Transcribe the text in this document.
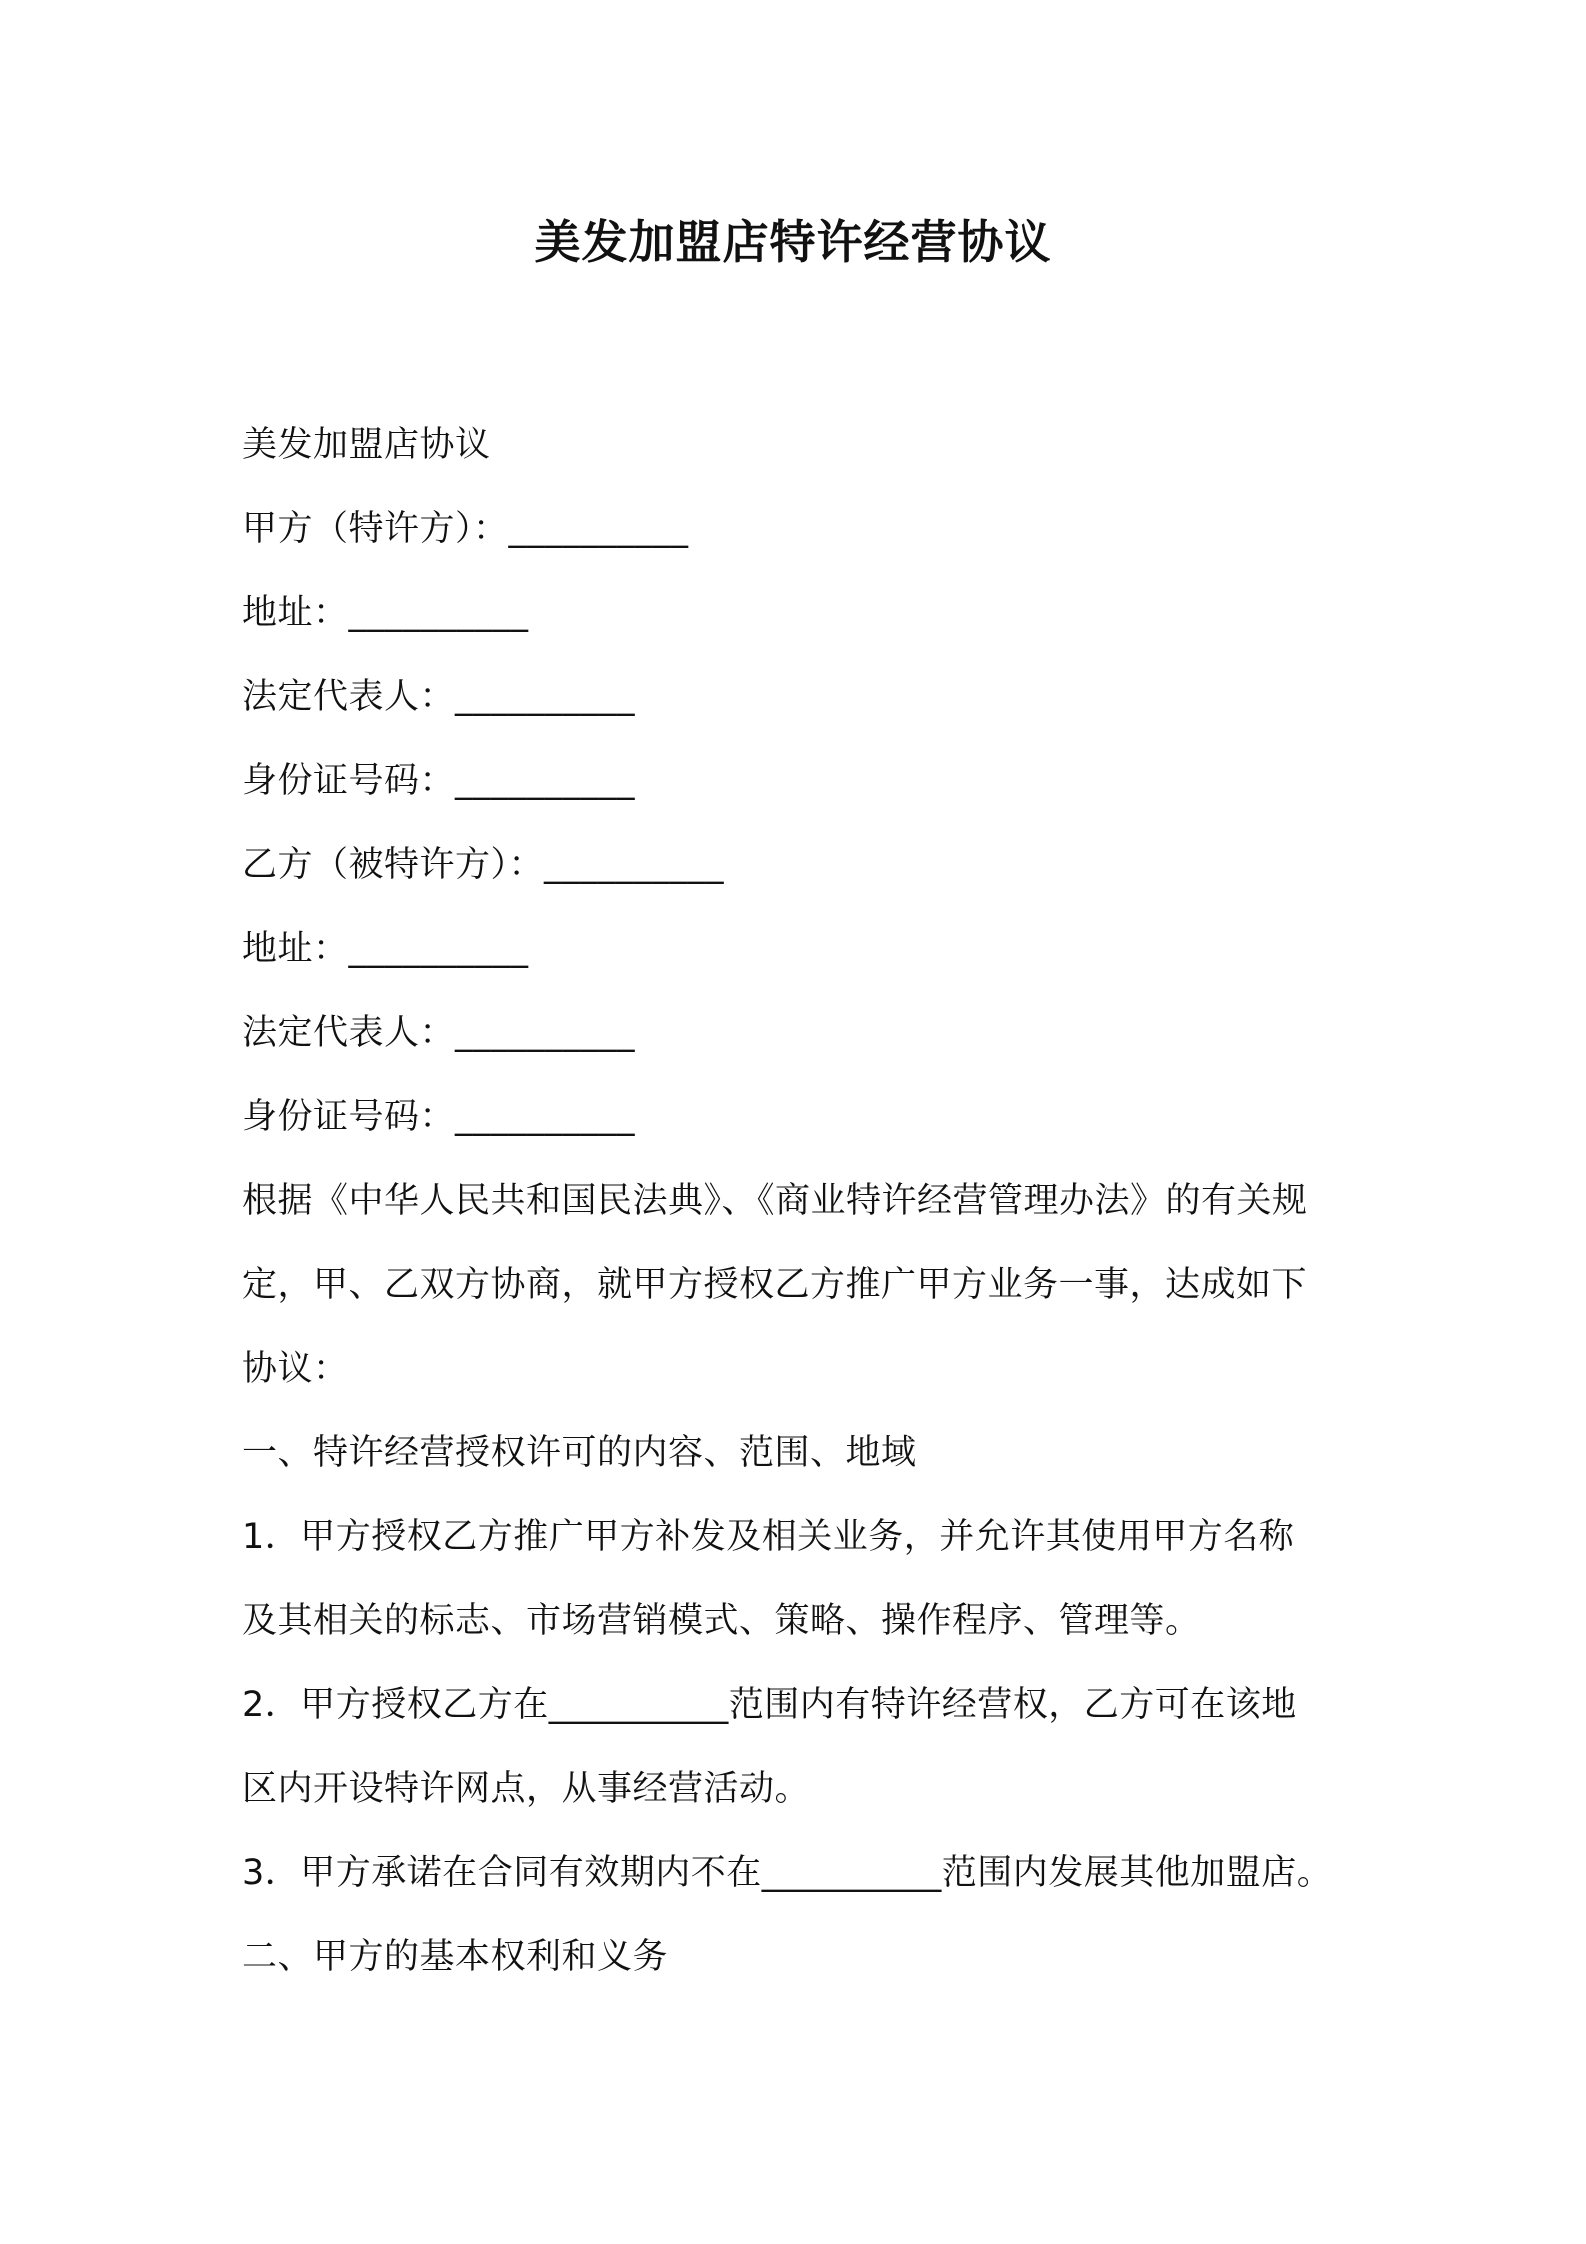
美发加盟店特许经营协议
美发加盟店协议
甲方（特许方）：__________
地址：__________
法定代表人：__________
身份证号码：__________
乙方（被特许方）：__________
地址：__________
法定代表人：__________
身份证号码：__________
根据《中华人民共和国民法典》、《商业特许经营管理办法》的有关规
定，甲、乙双方协商，就甲方授权乙方推广甲方业务一事，达成如下
协议：
一、特许经营授权许可的内容、范围、地域
1．甲方授权乙方推广甲方补发及相关业务，并允许其使用甲方名称
及其相关的标志、市场营销模式、策略、操作程序、管理等。
2．甲方授权乙方在__________范围内有特许经营权，乙方可在该地
区内开设特许网点，从事经营活动。
3．甲方承诺在合同有效期内不在__________范围内发展其他加盟店。
二、甲方的基本权利和义务
